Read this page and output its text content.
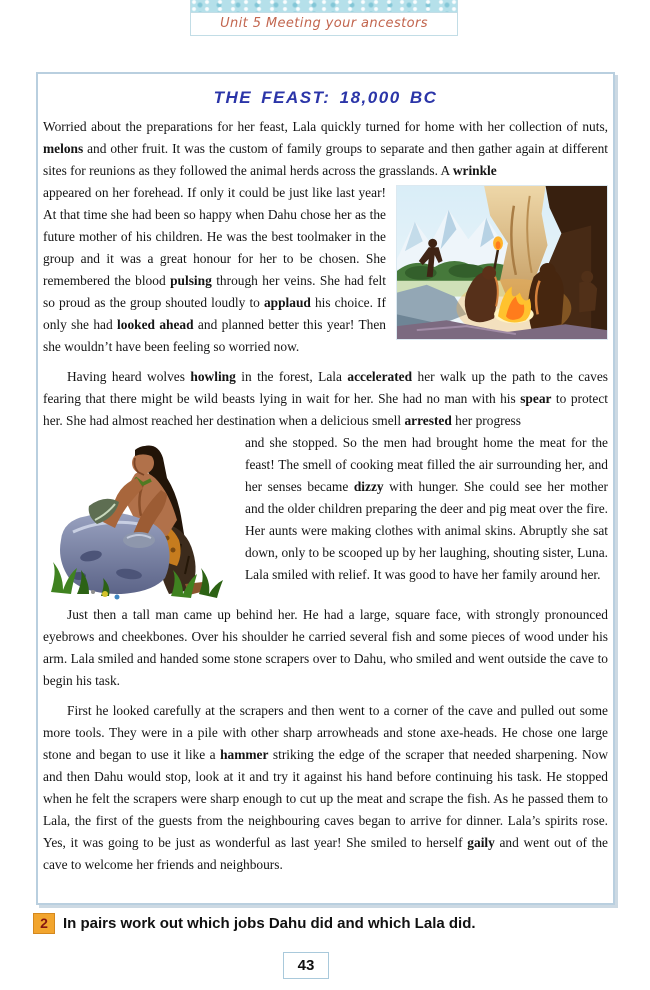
Unit 5 Meeting your ancestors
THE FEAST: 18,000 BC

Worried about the preparations for her feast, Lala quickly turned for home with her collection of nuts, melons and other fruit. It was the custom of family groups to separate and then gather again at different sites for reunions as they followed the animal herds across the grasslands. A wrinkle

appeared on her forehead. If only it could be just like last year! At that time she had been so happy when Dahu chose her as the future mother of his children. He was the best toolmaker in the group and it was a great honour for her to be chosen. She remembered the blood pulsing through her veins. She had felt so proud as the group shouted loudly to applaud his choice. If only she had looked ahead and planned better this year! Then she wouldn’t have been feeling so worried now.

Having heard wolves howling in the forest, Lala accelerated her walk up the path to the caves fearing that there might be wild beasts lying in wait for her. She had no man with his spear to protect her. She had almost reached her destination when a delicious smell arrested her progress

and she stopped. So the men had brought home the meat for the feast! The smell of cooking meat filled the air surrounding her, and her senses became dizzy with hunger. She could see her mother and the older children preparing the deer and pig meat over the fire. Her aunts were making clothes with animal skins. Abruptly she sat down, only to be scooped up by her laughing, shouting sister, Luna. Lala smiled with relief. It was good to have her family around her.

Just then a tall man came up behind her. He had a large, square face, with strongly pronounced eyebrows and cheekbones. Over his shoulder he carried several fish and some pieces of wood under his arm. Lala smiled and handed some stone scrapers over to Dahu, who smiled and went outside the cave to begin his task.

First he looked carefully at the scrapers and then went to a corner of the cave and pulled out some more tools. They were in a pile with other sharp arrowheads and stone axe-heads. He chose one large stone and began to use it like a hammer striking the edge of the scraper that needed sharpening. Now and then Dahu would stop, look at it and try it against his hand before continuing his task. He stopped when he felt the scrapers were sharp enough to cut up the meat and scrape the fish. As he passed them to Lala, the first of the guests from the neighbouring caves began to arrive for dinner. Lala’s spirits rose. Yes, it was going to be just as wonderful as last year! She smiled to herself gaily and went out of the cave to welcome her friends and neighbours.

2	In pairs work out which jobs Dahu did and which Lala did.
43
